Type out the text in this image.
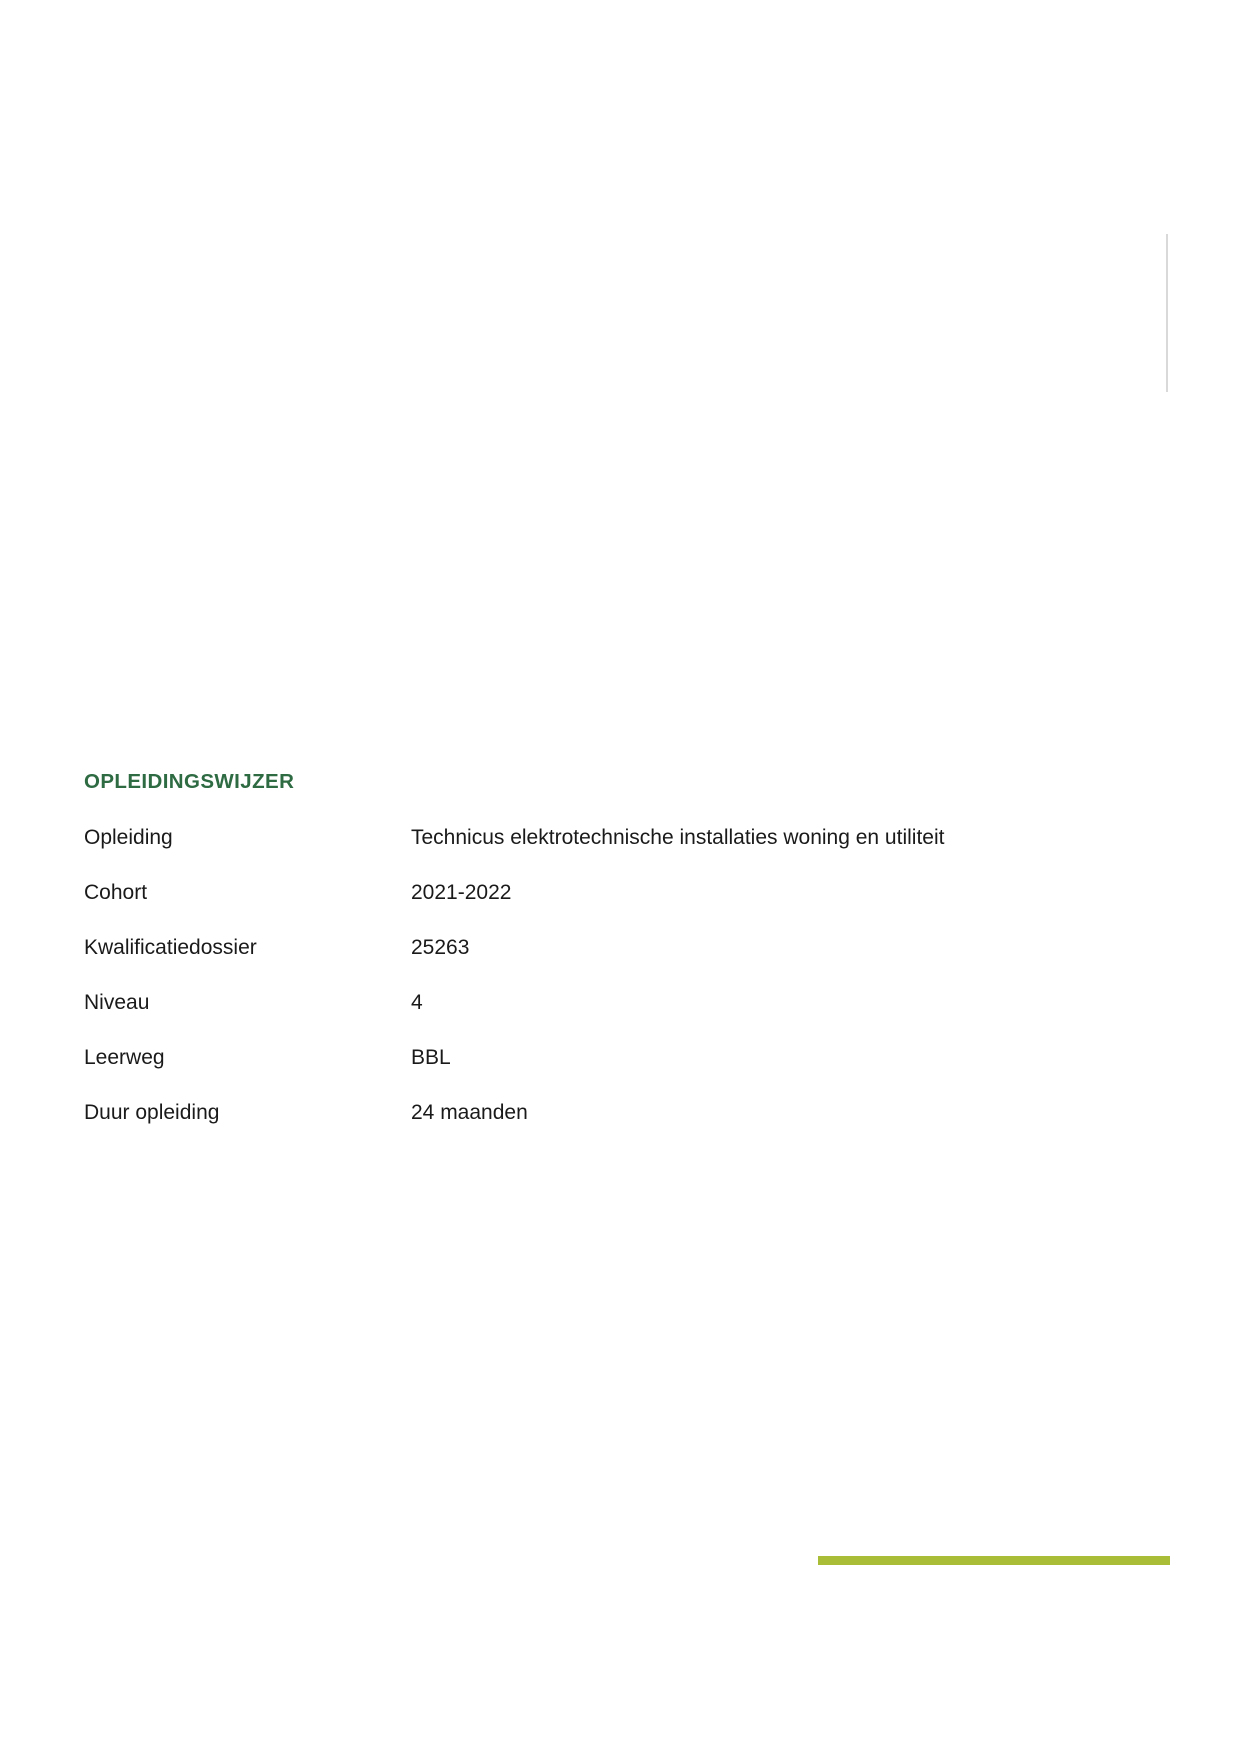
OPLEIDINGSWIJZER
Opleiding	Technicus elektrotechnische installaties woning en utiliteit
Cohort	2021-2022
Kwalificatiedossier	25263
Niveau	4
Leerweg	BBL
Duur opleiding	24 maanden
